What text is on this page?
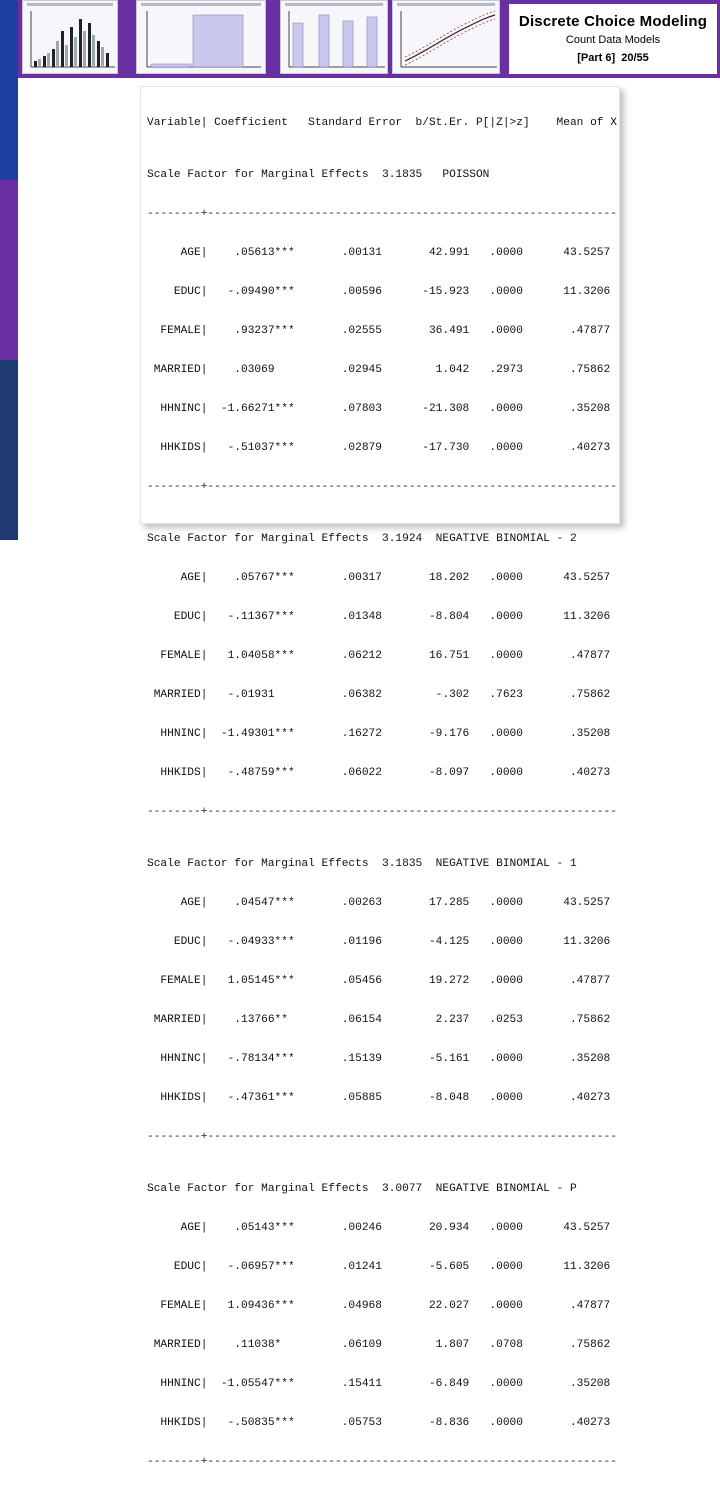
Discrete Choice Modeling
Count Data Models
[Part 6] 20/55

Variable| Coefficient   Standard Error  b/St.Er. P[|Z|>z]    Mean of X

Scale Factor for Marginal Effects  3.1835   POISSON

--------+-------------------------------------------------------------

AGE|    .05613***       .00131       42.991   .0000      43.5257

EDUC|   -.09490***       .00596      -15.923   .0000      11.3206

FEMALE|    .93237***       .02555       36.491   .0000       .47877

MARRIED|    .03069          .02945        1.042   .2973       .75862

HHNINC|  -1.66271***       .07803      -21.308   .0000       .35208

HHKIDS|   -.51037***       .02879      -17.730   .0000       .40273

--------+-------------------------------------------------------------

Scale Factor for Marginal Effects  3.1924  NEGATIVE BINOMIAL - 2

AGE|    .05767***       .00317       18.202   .0000      43.5257

EDUC|   -.11367***       .01348       -8.804   .0000      11.3206

FEMALE|   1.04058***       .06212       16.751   .0000       .47877

MARRIED|   -.01931          .06382        -.302   .7623       .75862

HHNINC|  -1.49301***       .16272       -9.176   .0000       .35208

HHKIDS|   -.48759***       .06022       -8.097   .0000       .40273

--------+-------------------------------------------------------------

Scale Factor for Marginal Effects  3.1835  NEGATIVE BINOMIAL - 1

AGE|    .04547***       .00263       17.285   .0000      43.5257

EDUC|   -.04933***       .01196       -4.125   .0000      11.3206

FEMALE|   1.05145***       .05456       19.272   .0000       .47877

MARRIED|    .13766**        .06154        2.237   .0253       .75862

HHNINC|   -.78134***       .15139       -5.161   .0000       .35208

HHKIDS|   -.47361***       .05885       -8.048   .0000       .40273

--------+-------------------------------------------------------------

Scale Factor for Marginal Effects  3.0077  NEGATIVE BINOMIAL - P

AGE|    .05143***       .00246       20.934   .0000      43.5257

EDUC|   -.06957***       .01241       -5.605   .0000      11.3206

FEMALE|   1.09436***       .04968       22.027   .0000       .47877

MARRIED|    .11038*         .06109        1.807   .0708       .75862

HHNINC|  -1.05547***       .15411       -6.849   .0000       .35208

HHKIDS|   -.50835***       .05753       -8.836   .0000       .40273

--------+-------------------------------------------------------------
